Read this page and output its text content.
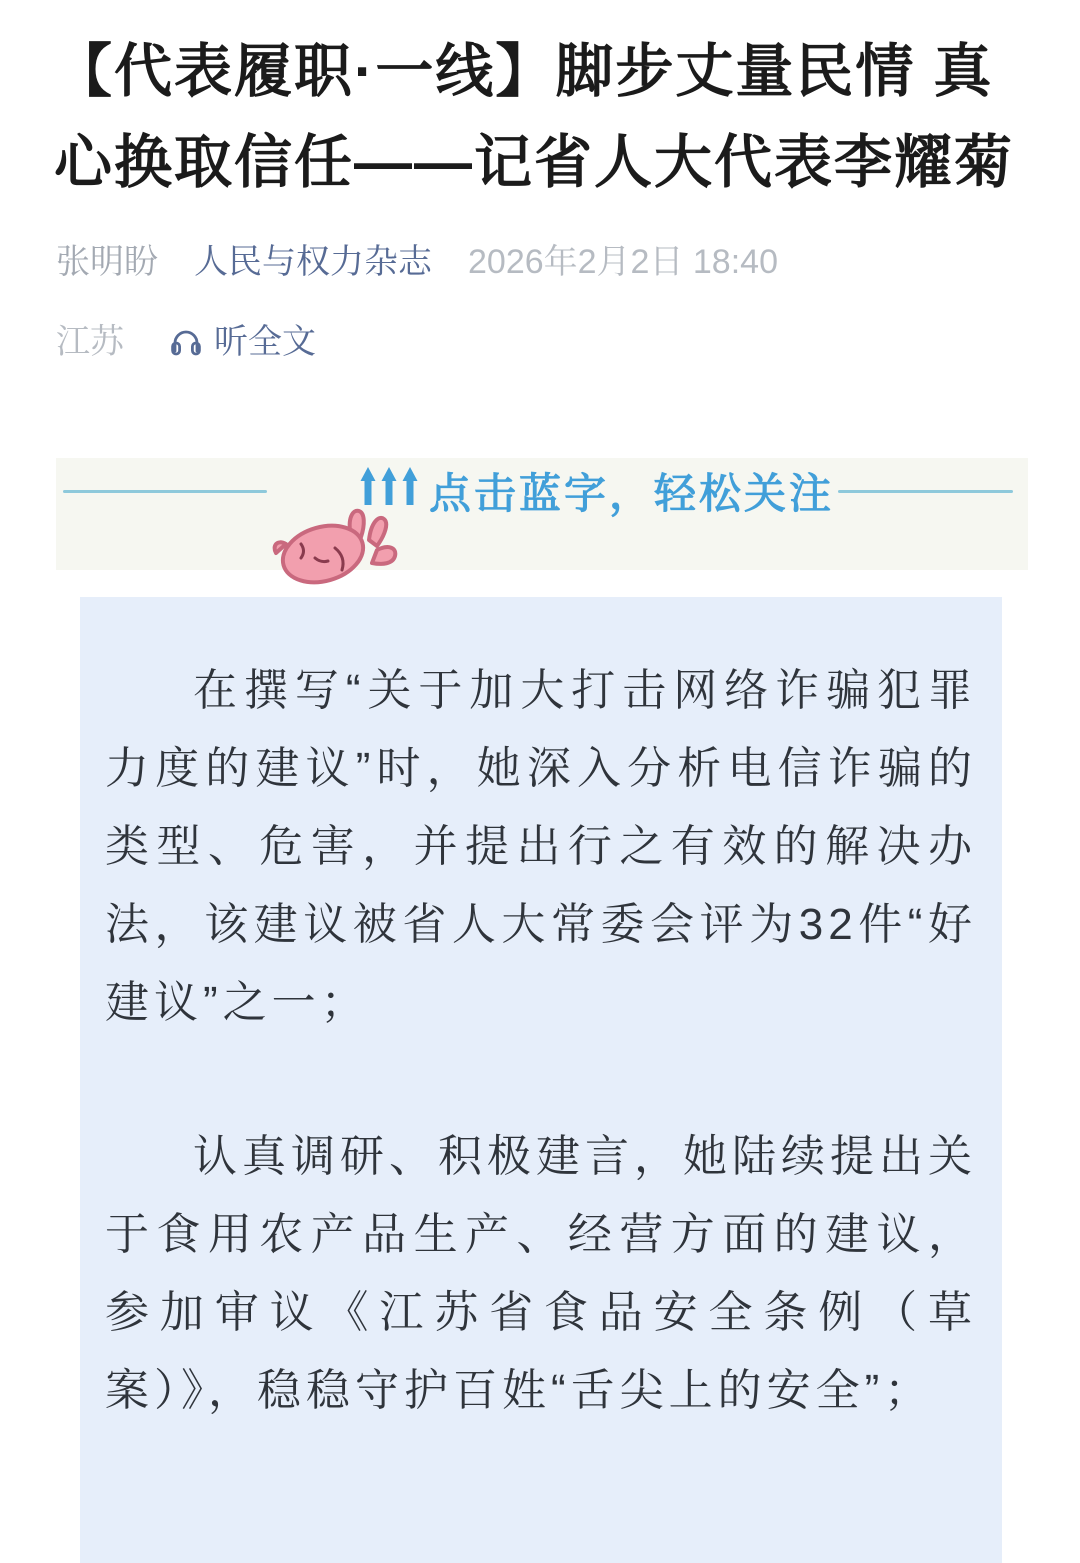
【代表履职·一线】脚步丈量民情 真
心换取信任——记省人大代表李耀菊
张明盼 人民与权力杂志 2026年2月2日 18:40
江苏	听全文
点击蓝字，轻松关注

在撰写“关于加大打击网络诈骗犯罪力度的建议”时，她深入分析电信诈骗的类型、危害，并提出行之有效的解决办法，该建议被省人大常委会评为32件“好建议”之一；

认真调研、积极建言，她陆续提出关于食用农产品生产、经营方面的建议，参加审议《江苏省食品安全条例（草案）》，稳稳守护百姓“舌尖上的安全”；
